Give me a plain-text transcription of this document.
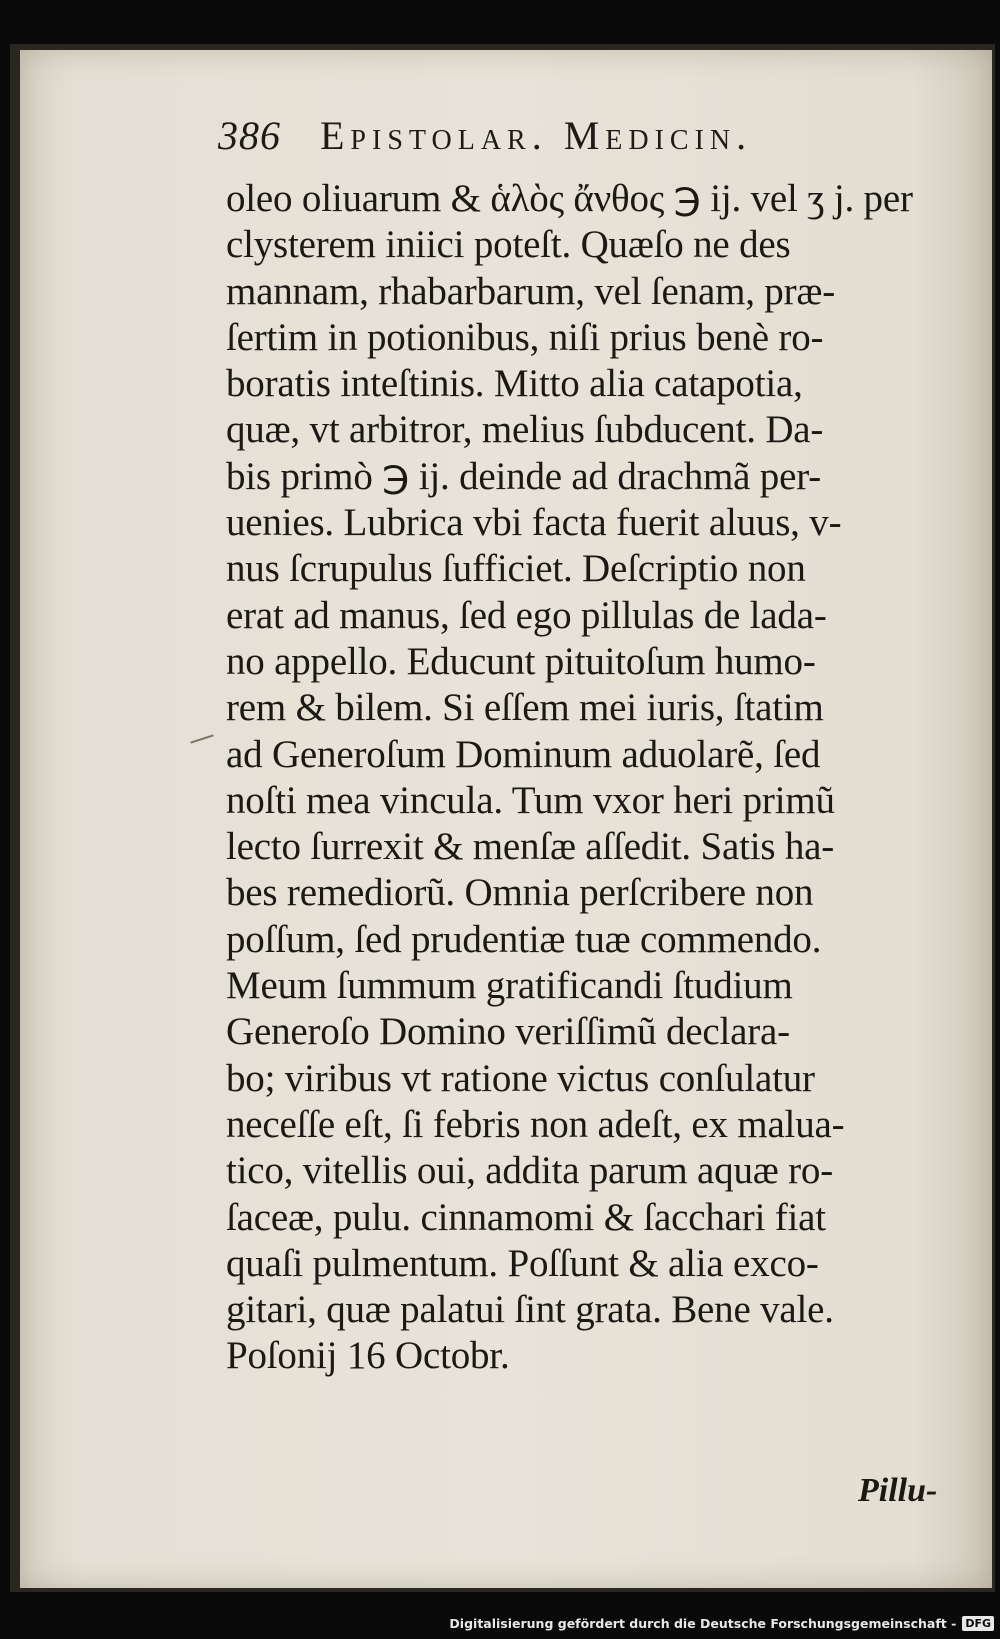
386 Epistolar. Medicin.
oleo oliuarum & ἁλὸς ἄνθος ℈ ij. vel ʒ j. per
clysterem iniici poteſt. Quæſo ne des
mannam, rhabarbarum, vel ſenam, præ-
ſertim in potionibus, niſi prius benè ro-
boratis inteſtinis. Mitto alia catapotia,
quæ, vt arbitror, melius ſubducent. Da-
bis primò ℈ ij. deinde ad drachmã per-
uenies. Lubrica vbi facta fuerit aluus, v-
nus ſcrupulus ſufficiet. Deſcriptio non
erat ad manus, ſed ego pillulas de lada-
no appello. Educunt pituitoſum humo-
rem & bilem. Si eſſem mei iuris, ſtatim
ad Generoſum Dominum aduolarẽ, ſed
noſti mea vincula. Tum vxor heri primũ
lecto ſurrexit & menſæ aſſedit. Satis ha-
bes remediorũ. Omnia perſcribere non
poſſum, ſed prudentiæ tuæ commendo.
Meum ſummum gratificandi ſtudium
Generoſo Domino veriſſimũ declara-
bo; viribus vt ratione victus conſulatur
neceſſe eſt, ſi febris non adeſt, ex malua-
tico, vitellis oui, addita parum aquæ ro-
ſaceæ, pulu. cinnamomi & ſacchari fiat
quaſi pulmentum. Poſſunt & alia exco-
gitari, quæ palatui ſint grata. Bene vale.
Poſonij 16 Octobr.
Pillu-
Digitalisierung gefördert durch die Deutsche Forschungsgemeinschaft - DFG
